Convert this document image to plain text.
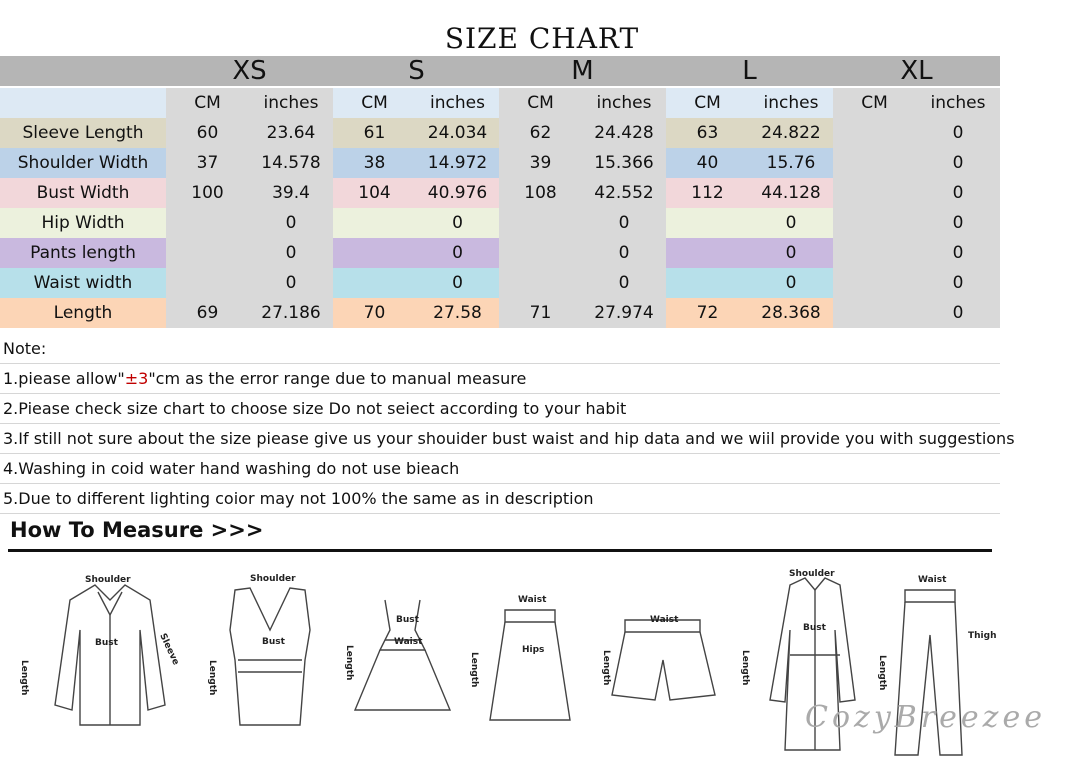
SIZE CHART
XS	S	M	L	XL
	CM	inches	CM	inches	CM	inches	CM	inches	CM	inches
Sleeve Length	60	23.64	61	24.034	62	24.428	63	24.822		0
Shoulder Width	37	14.578	38	14.972	39	15.366	40	15.76		0
Bust Width	100	39.4	104	40.976	108	42.552	112	44.128		0
Hip Width		0		0		0		0		0
Pants length		0		0		0		0		0
Waist width		0		0		0		0		0
Length	69	27.186	70	27.58	71	27.974	72	28.368		0
Note:
1.piease allow"±3"cm as the error range due to manual measure
2.Piease check size chart to choose size Do not seiect according to your habit
3.If still not sure about the size piease give us your shouider bust waist and hip data and we wiil provide you with suggestions
4.Washing in coid water hand washing do not use bieach
5.Due to different lighting coior may not 100% the same as in description
How To Measure >>>
Shoulder
Bust
Length
Sleeve
Shoulder
Bust
Length
Bust
Waist
Length
Waist
Hips
Length
Waist
Length
Shoulder
Bust
Length
Waist
Thigh
Length
CozyBreezee
